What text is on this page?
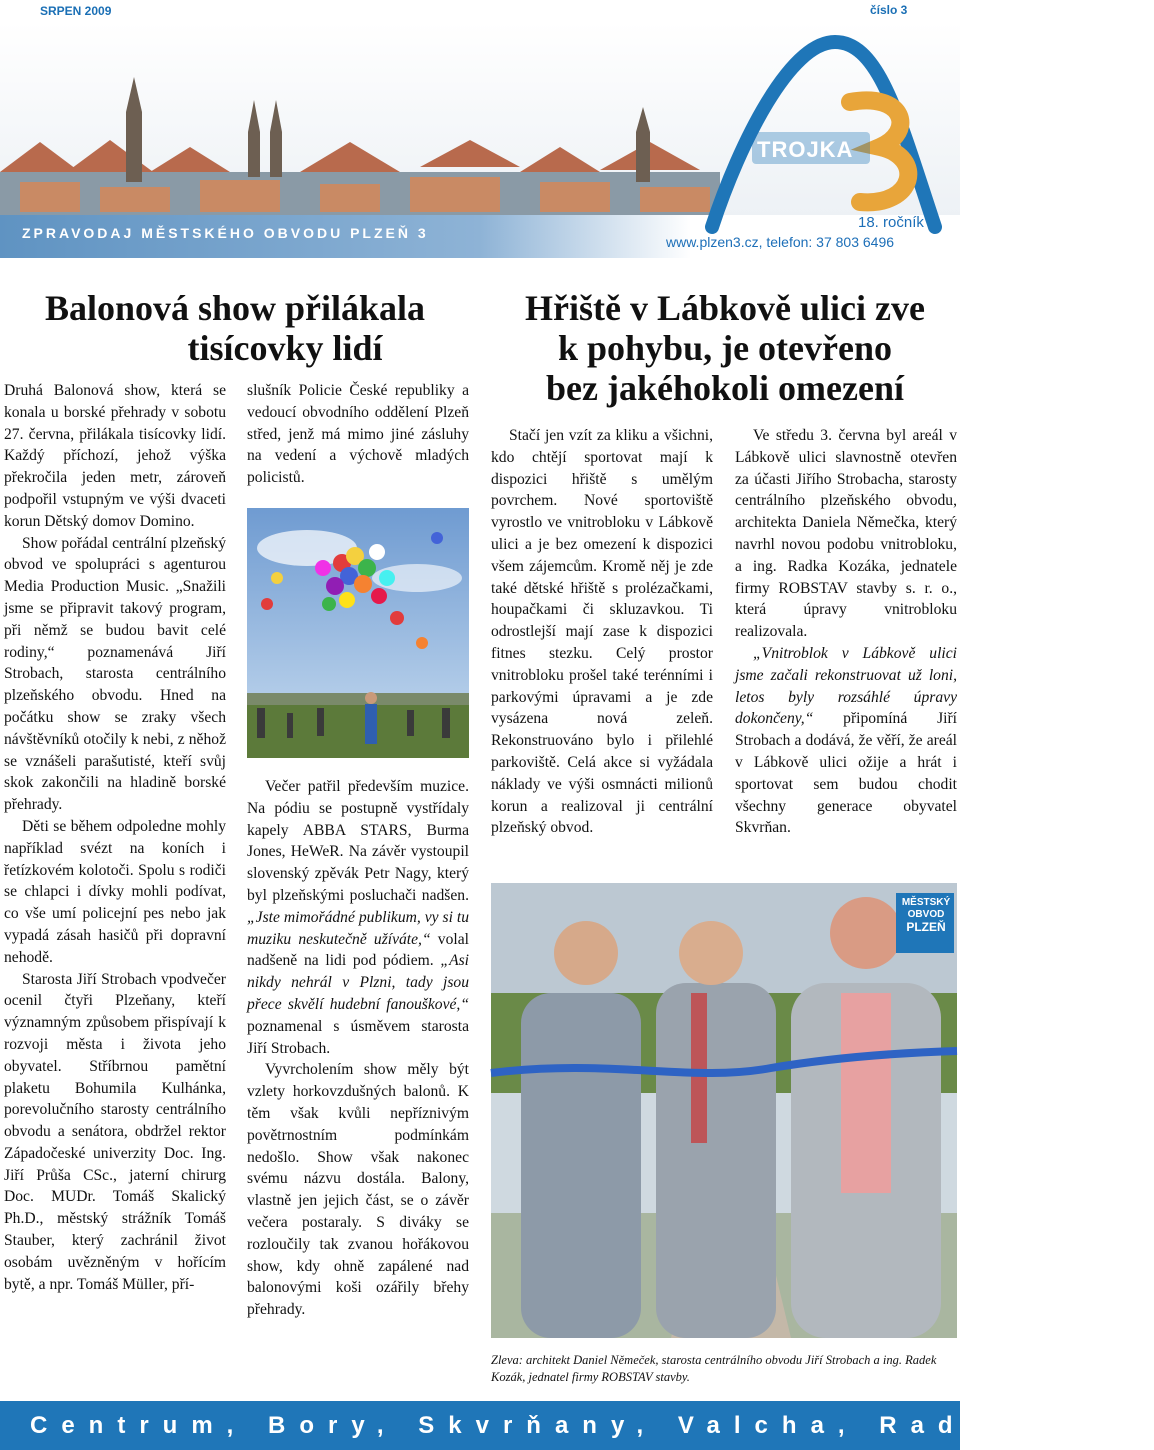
SRPEN 2009	číslo 3
TROJKA
ZPRAVODAJ MĚSTSKÉHO OBVODU PLZEŇ 3
18. ročník
www.plzen3.cz, telefon: 37 803 6496
Balonová show přilákala
tisícovky lidí
Hřiště v Lábkově ulici zve
k pohybu, je otevřeno
bez jakéhokoli omezení

Druhá Balonová show, která se konala u borské přehrady v sobotu 27. června, přilákala tisícovky lidí. Každý příchozí, jehož výška překročila jeden metr, zároveň podpořil vstupným ve výši dvaceti korun Dětský domov Domino.

Show pořádal centrální plzeňský obvod ve spolupráci s agenturou Media Production Music. „Snažili jsme se připravit takový program, při němž se budou bavit celé rodiny,“ poznamenává Jiří Strobach, starosta centrálního plzeňského obvodu. Hned na počátku show se zraky všech návštěvníků otočily k nebi, z něhož se vznášeli parašutisté, kteří svůj skok zakončili na hladině borské přehrady.

Děti se během odpoledne mohly například svézt na koních i řetízkovém kolotoči. Spolu s rodiči se chlapci i dívky mohli podívat, co vše umí policejní pes nebo jak vypadá zásah hasičů při dopravní nehodě.

Starosta Jiří Strobach vpodvečer ocenil čtyři Plzeňany, kteří významným způsobem přispívají k rozvoji města i života jeho obyvatel. Stříbrnou pamětní plaketu Bohumila Kulhánka, porevolučního starosty centrálního obvodu a senátora, obdržel rektor Západočeské univerzity Doc. Ing. Jiří Průša CSc., jaterní chirurg Doc. MUDr. Tomáš Skalický Ph.D., městský strážník Tomáš Stauber, který zachránil život osobám uvězněným v hořícím bytě, a npr. Tomáš Müller, pří-

slušník Policie České republiky a vedoucí obvodního oddělení Plzeň střed, jenž má mimo jiné zásluhy na vedení a výchově mladých policistů.

Večer patřil především muzice. Na pódiu se postupně vystřídaly kapely ABBA STARS, Burma Jones, HeWeR. Na závěr vystoupil slovenský zpěvák Petr Nagy, který byl plzeňskými posluchači nadšen. „Jste mimořádné publikum, vy si tu muziku neskutečně užíváte,“ volal nadšeně na lidi pod pódiem. „Asi nikdy nehrál v Plzni, tady jsou přece skvělí hudební fanouškové,“ poznamenal s úsměvem starosta Jiří Strobach.

Vyvrcholením show měly být vzlety horkovzdušných balonů. K těm však kvůli nepříznivým povětrnostním podmínkám nedošlo. Show však nakonec svému názvu dostála. Balony, vlastně jen jejich část, se o závěr večera postaraly. S diváky se rozloučily tak zvanou hořákovou show, kdy ohně zapálené nad balonovými koši ozářily břehy přehrady.

Stačí jen vzít za kliku a všichni, kdo chtějí sportovat mají k dispozici hřiště s umělým povrchem. Nové sportoviště vyrostlo ve vnitrobloku v Lábkově ulici a je bez omezení k dispozici všem zájemcům. Kromě něj je zde také dětské hřiště s prolézačkami, houpačkami či skluzavkou. Ti odrostlejší mají zase k dispozici fitnes stezku. Celý prostor vnitrobloku prošel také terénními i parkovými úpravami a je zde vysázena nová zeleň. Rekonstruováno bylo i přilehlé parkoviště. Celá akce si vyžádala náklady ve výši osmnácti milionů korun a realizoval ji centrální plzeňský obvod.

Ve středu 3. června byl areál v Lábkově ulici slavnostně otevřen za účasti Jiřího Strobacha, starosty centrálního plzeňského obvodu, architekta Daniela Němečka, který navrhl novou podobu vnitrobloku, a ing. Radka Kozáka, jednatele firmy ROBSTAV stavby s. r. o., která úpravy vnitrobloku realizovala.

„Vnitroblok v Lábkově ulici jsme začali rekonstruovat už loni, letos byly rozsáhlé úpravy dokončeny,“ připomíná Jiří Strobach a dodává, že věří, že areál v Lábkově ulici ožije a hrát i sportovat sem budou chodit všechny generace obyvatel Skvrňan.

MĚSTSKÝ
OBVOD
PLZEŇ
Zleva: architekt Daniel Němeček, starosta centrálního obvodu Jiří Strobach a ing. Radek Kozák, jednatel firmy ROBSTAV stavby.
Centrum, Bory, Skvrňany, Valcha, Radobyčice
